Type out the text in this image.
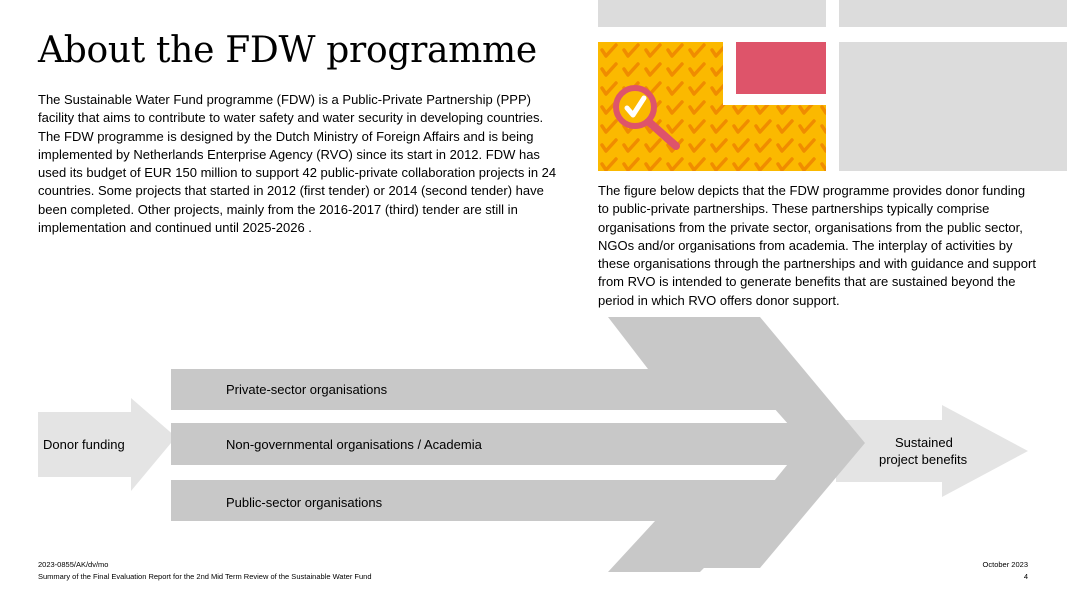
About the FDW programme

The Sustainable Water Fund programme (FDW) is a Public-Private Partnership (PPP) facility that aims to contribute to water safety and water security in developing countries. The FDW programme is designed by the Dutch Ministry of Foreign Affairs and is being implemented by Netherlands Enterprise Agency (RVO) since its start in 2012. FDW has used its budget of EUR 150 million to support 42 public-private collaboration projects in 24 countries. Some projects that started in 2012 (first tender) or 2014 (second tender) have been completed. Other projects, mainly from the 2016-2017 (third) tender are still in implementation and continued until 2025-2026 .

The figure below depicts that the FDW programme provides donor funding to public-private partnerships. These partnerships typically comprise organisations from the private sector, organisations from the public sector, NGOs and/or organisations from academia. The interplay of activities by these organisations through the partnerships and with guidance and support from RVO is intended to generate benefits that are sustained beyond the period in which RVO offers donor support.

Donor funding
Private-sector organisations
Non-governmental organisations / Academia
Public-sector organisations
Sustained
project benefits
2023-0855/AK/dv/mo
Summary of the Final Evaluation Report for the 2nd Mid Term Review of the Sustainable Water Fund
October 2023
4
